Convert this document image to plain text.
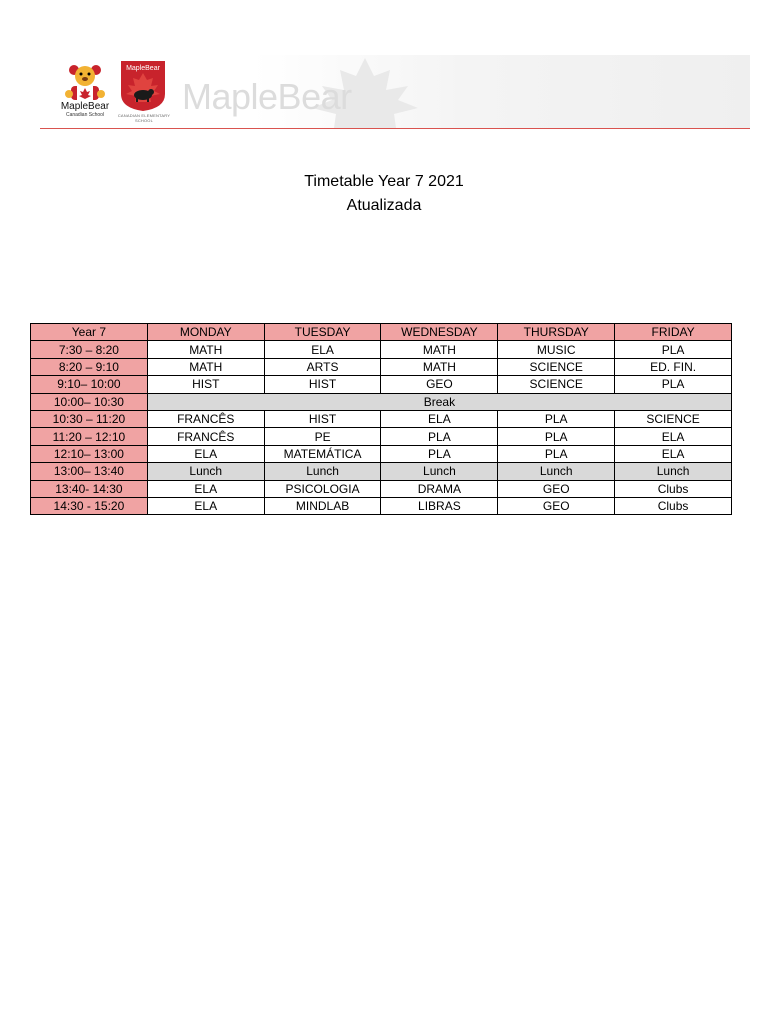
MapleBear
MapleBear
Canadian School
MapleBear
CANADIAN ELEMENTARY SCHOOL
Timetable Year 7 2021
Atualizada
Year 7	MONDAY	TUESDAY	WEDNESDAY	THURSDAY	FRIDAY
7:30 – 8:20	MATH	ELA	MATH	MUSIC	PLA
8:20 – 9:10	MATH	ARTS	MATH	SCIENCE	ED. FIN.
9:10– 10:00	HIST	HIST	GEO	SCIENCE	PLA
10:00– 10:30	Break				
10:30 – 11:20	FRANCÊS	HIST	ELA	PLA	SCIENCE
11:20 – 12:10	FRANCÊS	PE	PLA	PLA	ELA
12:10– 13:00	ELA	MATEMÁTICA	PLA	PLA	ELA
13:00– 13:40	Lunch	Lunch	Lunch	Lunch	Lunch
13:40- 14:30	ELA	PSICOLOGIA	DRAMA	GEO	Clubs
14:30 - 15:20	ELA	MINDLAB	LIBRAS	GEO	Clubs
